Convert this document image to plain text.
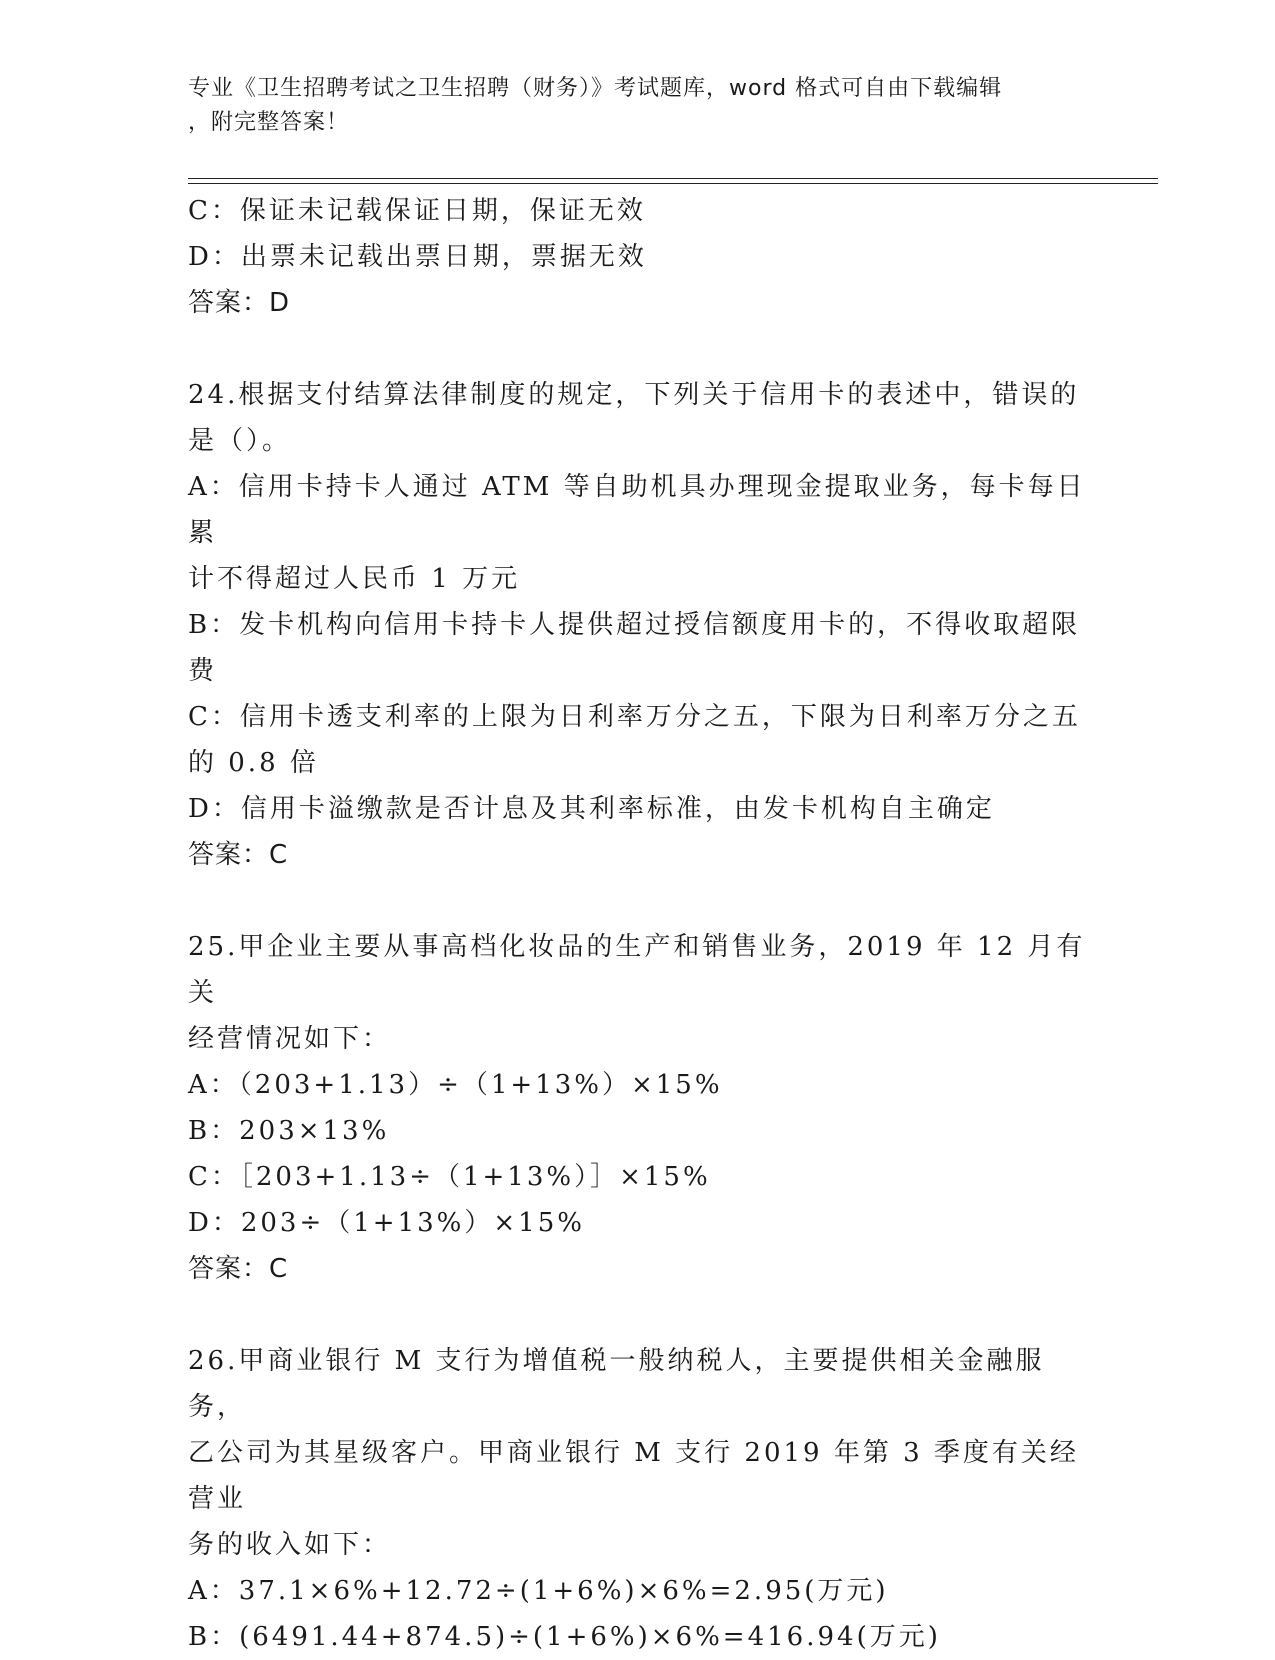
专业《卫生招聘考试之卫生招聘（财务）》考试题库，word 格式可自由下载编辑
，附完整答案！
C：保证未记载保证日期，保证无效
D：出票未记载出票日期，票据无效
答案：D
24.根据支付结算法律制度的规定，下列关于信用卡的表述中，错误的
是（）。
A：信用卡持卡人通过 ATM 等自助机具办理现金提取业务，每卡每日累
计不得超过人民币 1 万元
B：发卡机构向信用卡持卡人提供超过授信额度用卡的，不得收取超限
费
C：信用卡透支利率的上限为日利率万分之五，下限为日利率万分之五
的 0.8 倍
D：信用卡溢缴款是否计息及其利率标准，由发卡机构自主确定
答案：C
25.甲企业主要从事高档化妆品的生产和销售业务，2019 年 12 月有关
经营情况如下：
A：（203+1.13）÷（1+13%）×15%
B：203×13%
C：［203+1.13÷（1+13%）］×15%
D：203÷（1+13%）×15%
答案：C
26.甲商业银行 M 支行为增值税一般纳税人，主要提供相关金融服务，
乙公司为其星级客户。甲商业银行 M 支行 2019 年第 3 季度有关经营业
务的收入如下：
A：37.1×6%+12.72÷(1+6%)×6%=2.95(万元)
B：(6491.44+874.5)÷(1+6%)×6%=416.94(万元)
